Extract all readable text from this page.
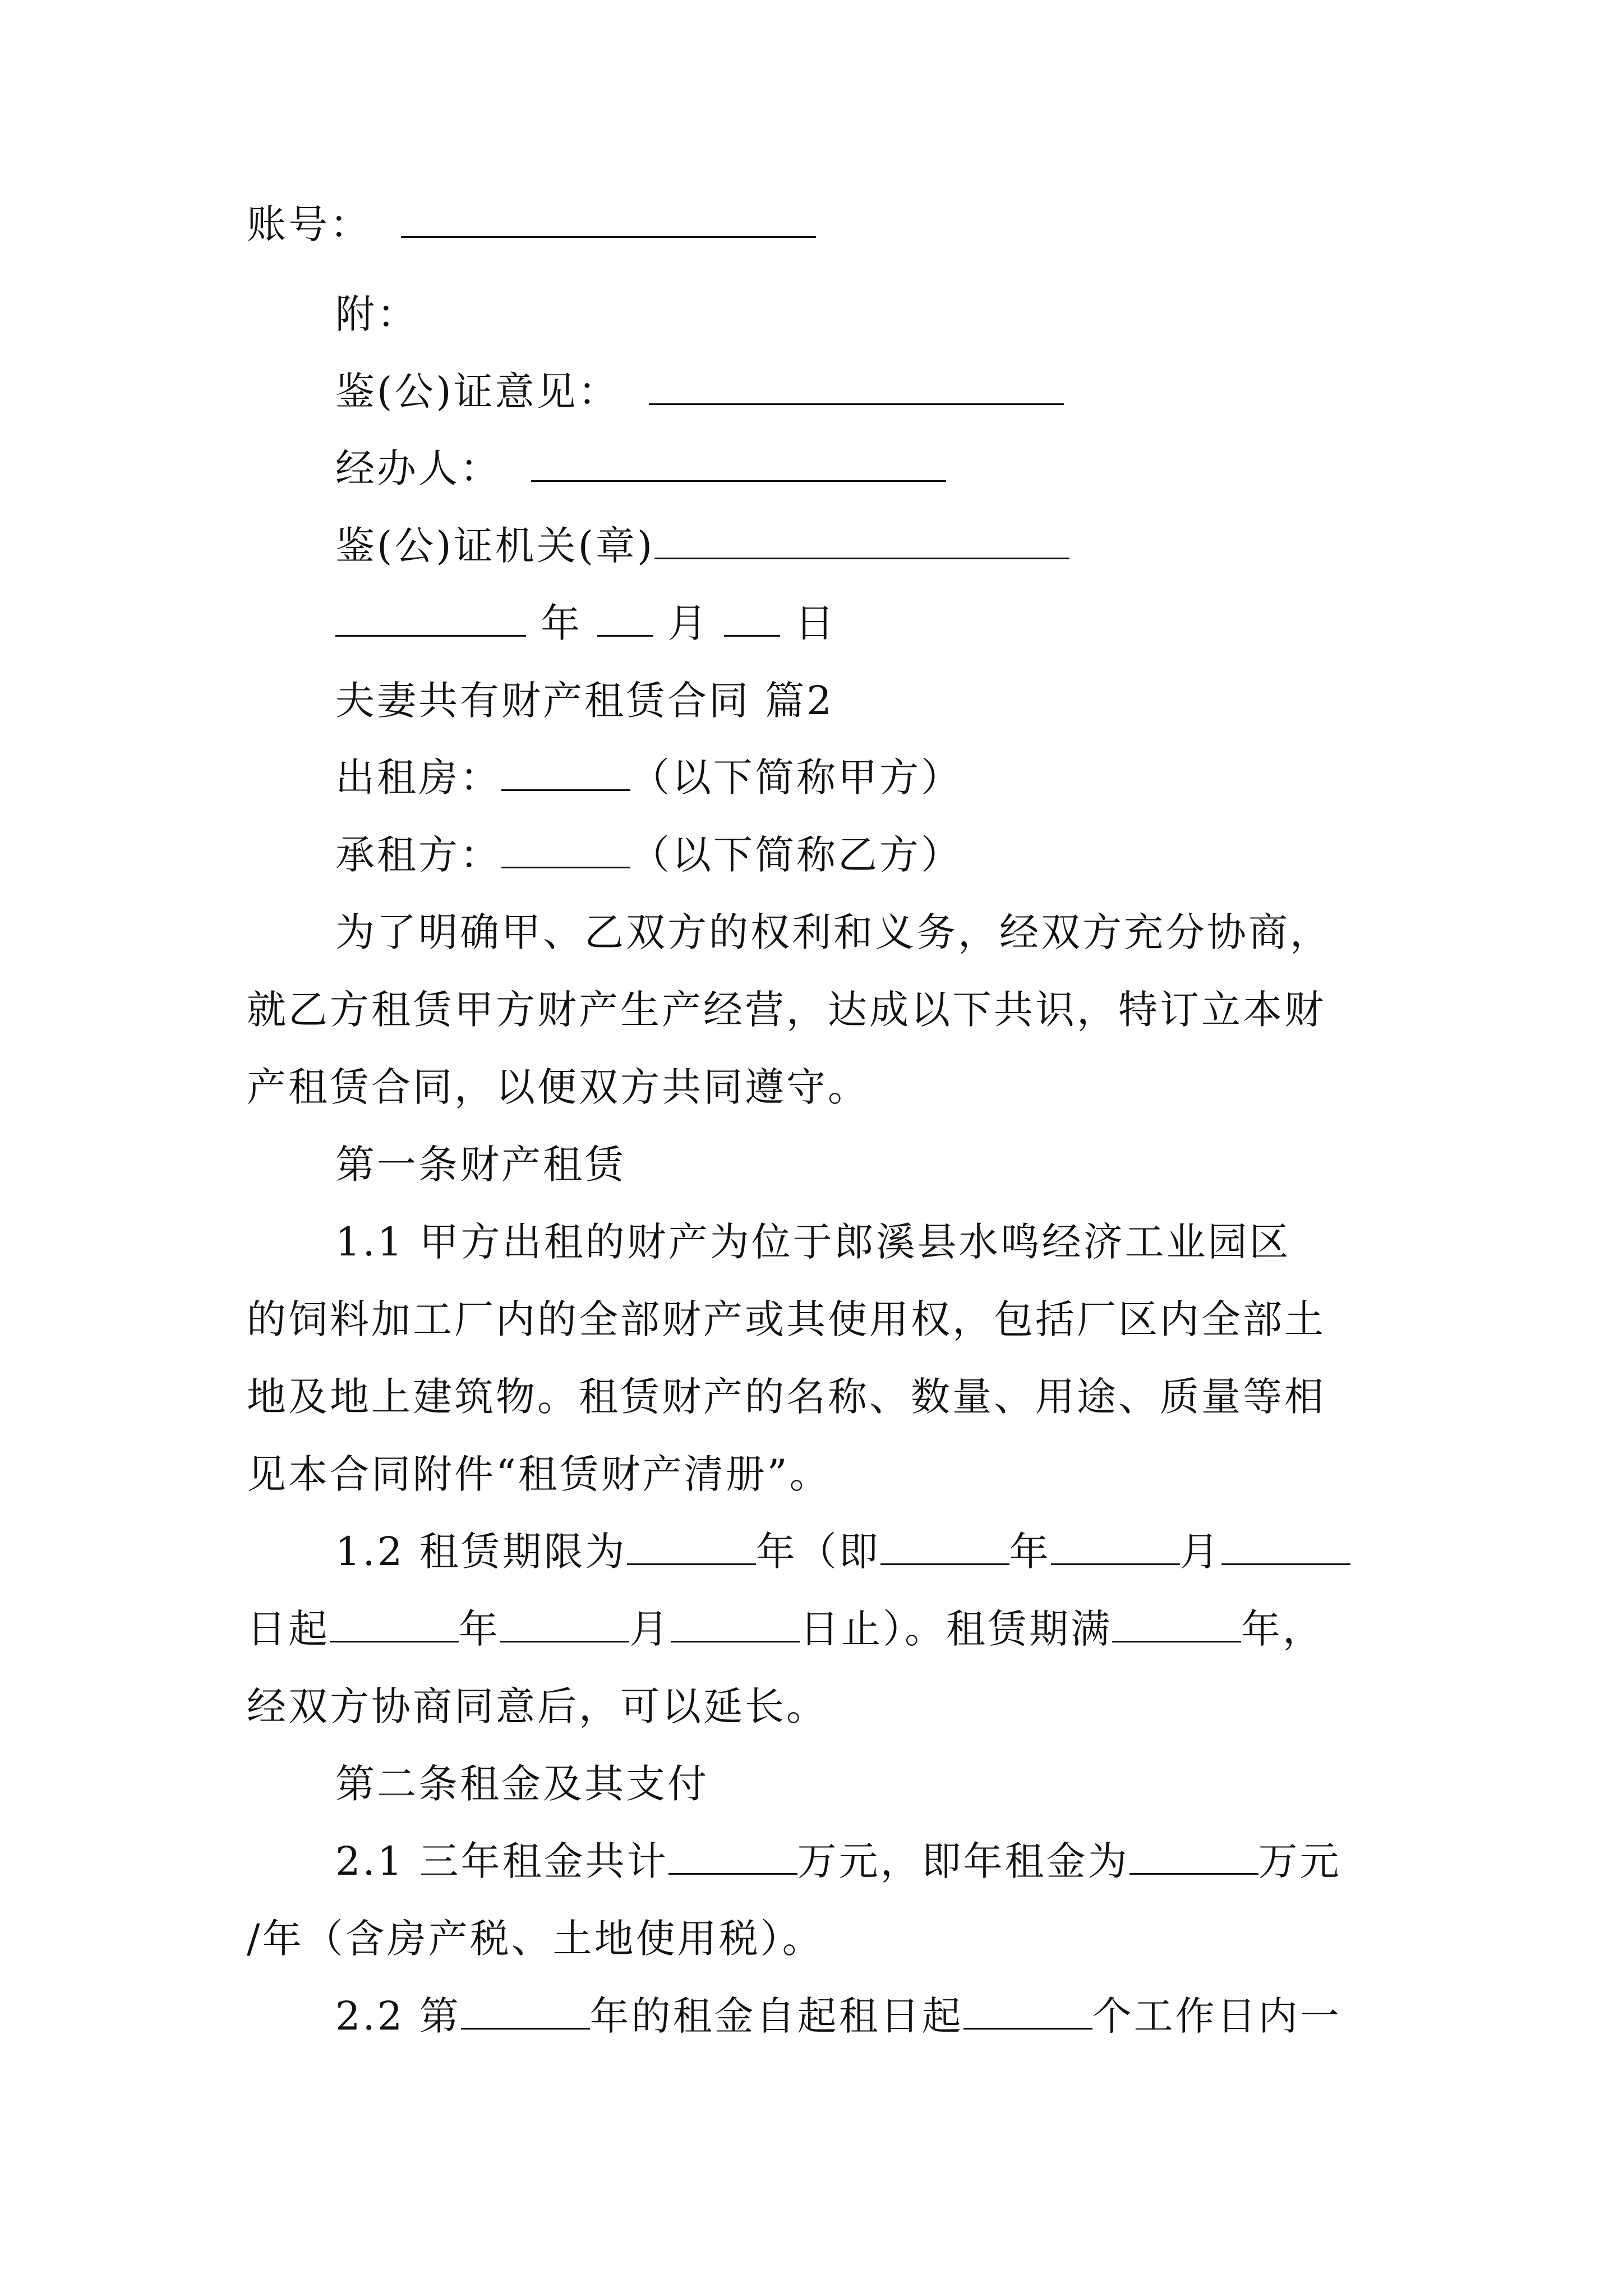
账号：

附：

鉴(公)证意见：

经办人：

鉴(公)证机关(章)

年 月 日

夫妻共有财产租赁合同 篇2

出租房：	（以下简称甲方）

承租方：	（以下简称乙方）

为了明确甲、乙双方的权利和义务，经双方充分协商，

就乙方租赁甲方财产生产经营，达成以下共识，特订立本财

产租赁合同，以便双方共同遵守。

第一条财产租赁

1.1 甲方出租的财产为位于郎溪县水鸣经济工业园区

的饲料加工厂内的全部财产或其使用权，包括厂区内全部土

地及地上建筑物。租赁财产的名称、数量、用途、质量等相

见本合同附件“租赁财产清册”。

1.2 租赁期限为	年（即	年	月

日起	年	月	日止）。租赁期满	年，

经双方协商同意后，可以延长。

第二条租金及其支付

2.1 三年租金共计	万元，即年租金为	万元

/年（含房产税、土地使用税）。

2.2 第	年的租金自起租日起	个工作日内一
